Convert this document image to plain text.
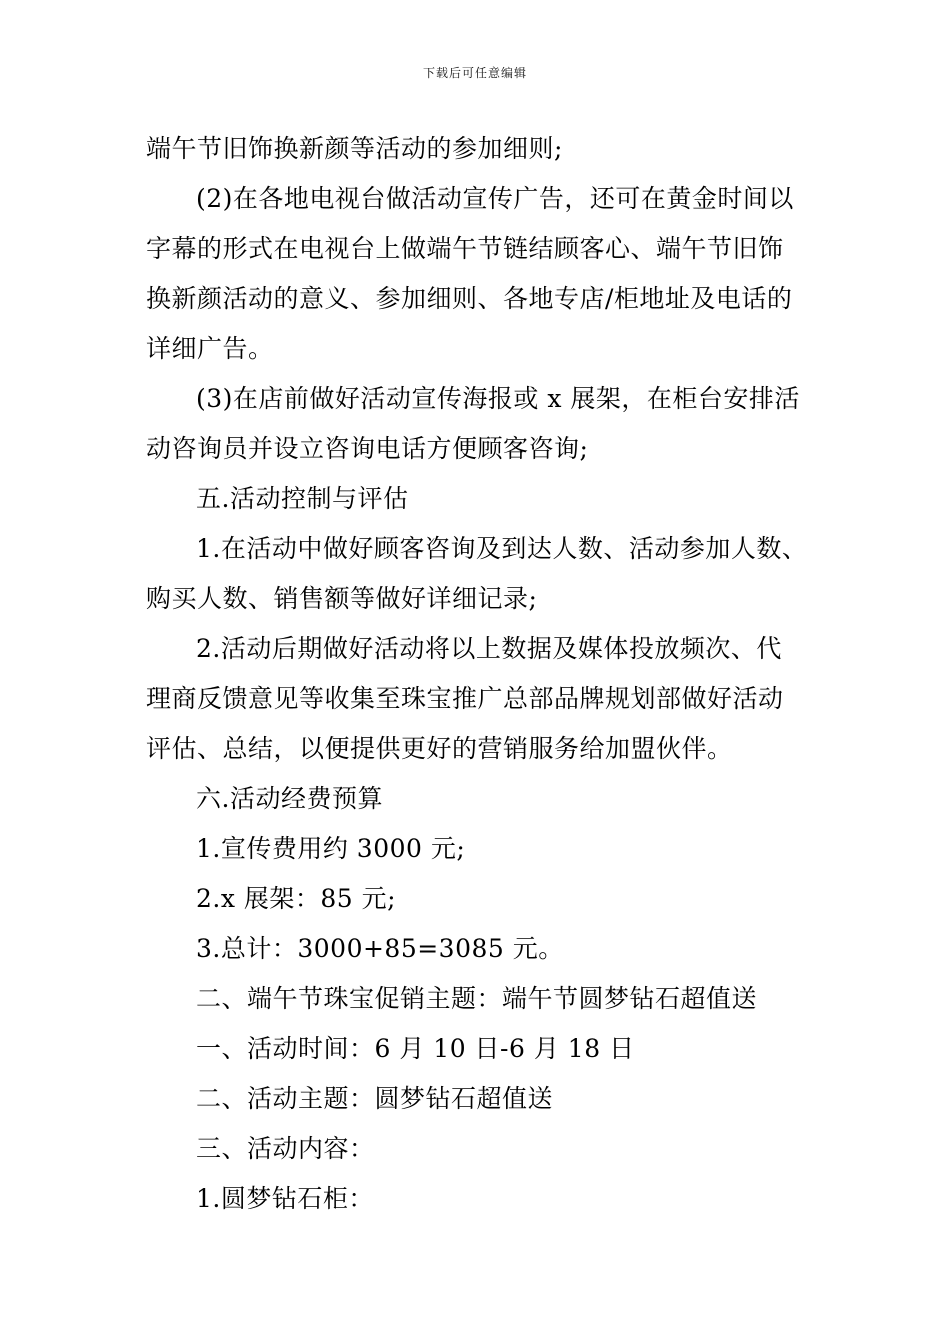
下载后可任意编辑
端午节旧饰换新颜等活动的参加细则;
(2)在各地电视台做活动宣传广告，还可在黄金时间以
字幕的形式在电视台上做端午节链结顾客心、端午节旧饰
换新颜活动的意义、参加细则、各地专店/柜地址及电话的
详细广告。
(3)在店前做好活动宣传海报或 x 展架，在柜台安排活
动咨询员并设立咨询电话方便顾客咨询;
五.活动控制与评估
1.在活动中做好顾客咨询及到达人数、活动参加人数、
购买人数、销售额等做好详细记录;
2.活动后期做好活动将以上数据及媒体投放频次、代
理商反馈意见等收集至珠宝推广总部品牌规划部做好活动
评估、总结，以便提供更好的营销服务给加盟伙伴。
六.活动经费预算
1.宣传费用约 3000 元;
2.x 展架：85 元;
3.总计：3000+85=3085 元。
二、端午节珠宝促销主题：端午节圆梦钻石超值送
一、活动时间：6 月 10 日-6 月 18 日
二、活动主题：圆梦钻石超值送
三、活动内容：
1.圆梦钻石柜：
